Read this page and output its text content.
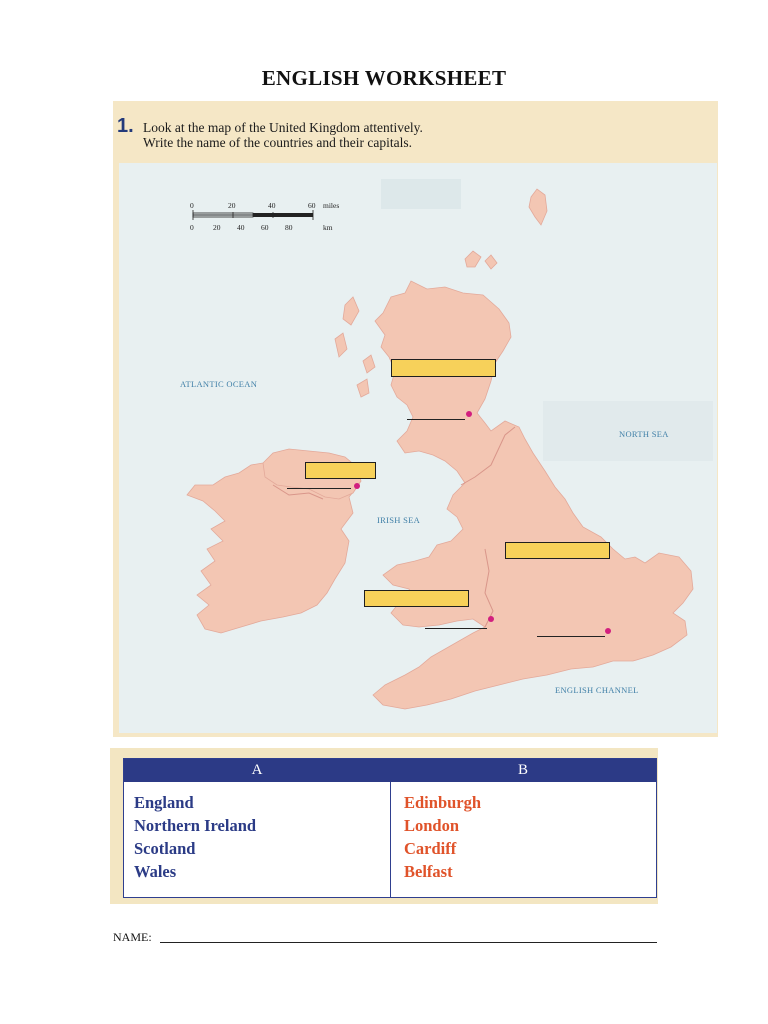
ENGLISH WORKSHEET
1. Look at the map of the United Kingdom attentively.
Write the name of the countries and their capitals.
0	20	40	60 miles
0	20 40 60 80	km
ATLANTIC OCEAN
NORTH SEA
IRISH SEA
ENGLISH CHANNEL
A	B
England
Northern Ireland
Scotland
Wales
Edinburgh
London
Cardiff
Belfast
NAME:
